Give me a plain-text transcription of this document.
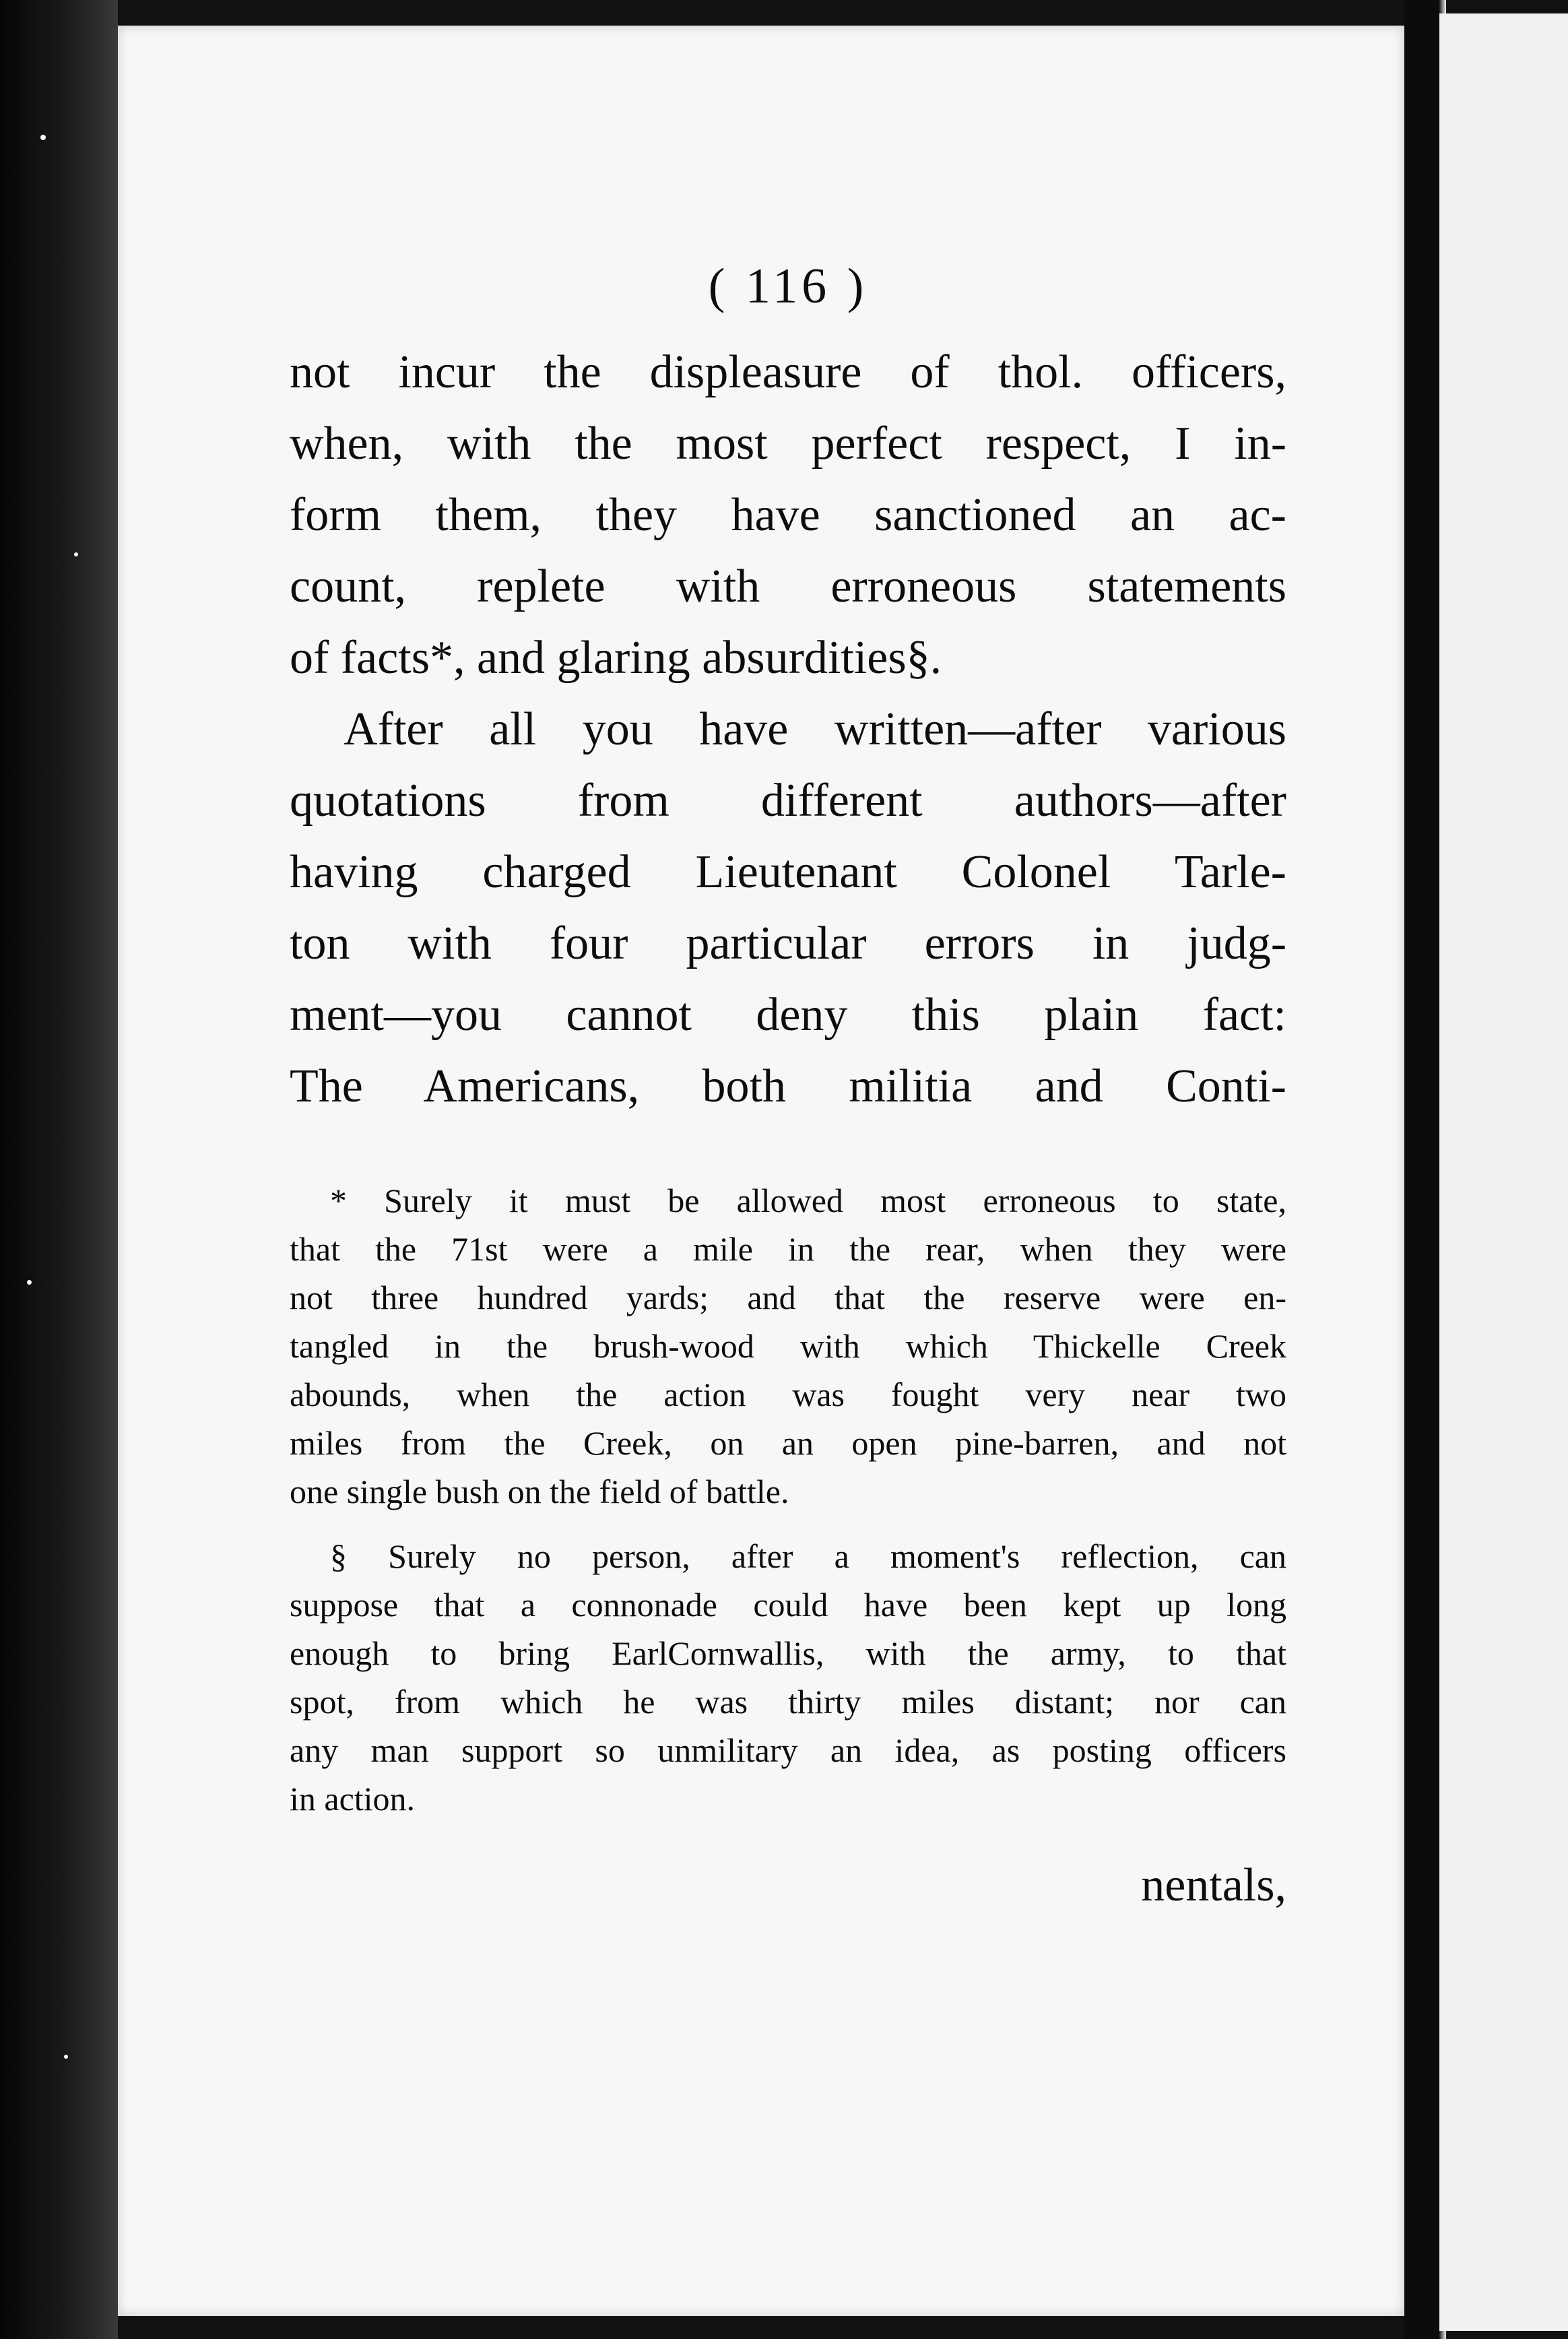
( 116 )
not incur the displeasure of thol. officers,
when, with the most perfect respect, I in-
form them, they have sanctioned an ac-
count, replete with erroneous statements
of facts*, and glaring absurdities§.
After all you have written—after various
quotations from different authors—after
having charged Lieutenant Colonel Tarle-
ton with four particular errors in judg-
ment—you cannot deny this plain fact:
The Americans, both militia and Conti-
* Surely it must be allowed most erroneous to state,
that the 71st were a mile in the rear, when they were
not three hundred yards; and that the reserve were en-
tangled in the brush-wood with which Thickelle Creek
abounds, when the action was fought very near two
miles from the Creek, on an open pine-barren, and not
one single bush on the field of battle.
§ Surely no person, after a moment's reflection, can
suppose that a connonade could have been kept up long
enough to bring EarlCornwallis, with the army, to that
spot, from which he was thirty miles distant; nor can
any man support so unmilitary an idea, as posting officers
in action.
nentals,
